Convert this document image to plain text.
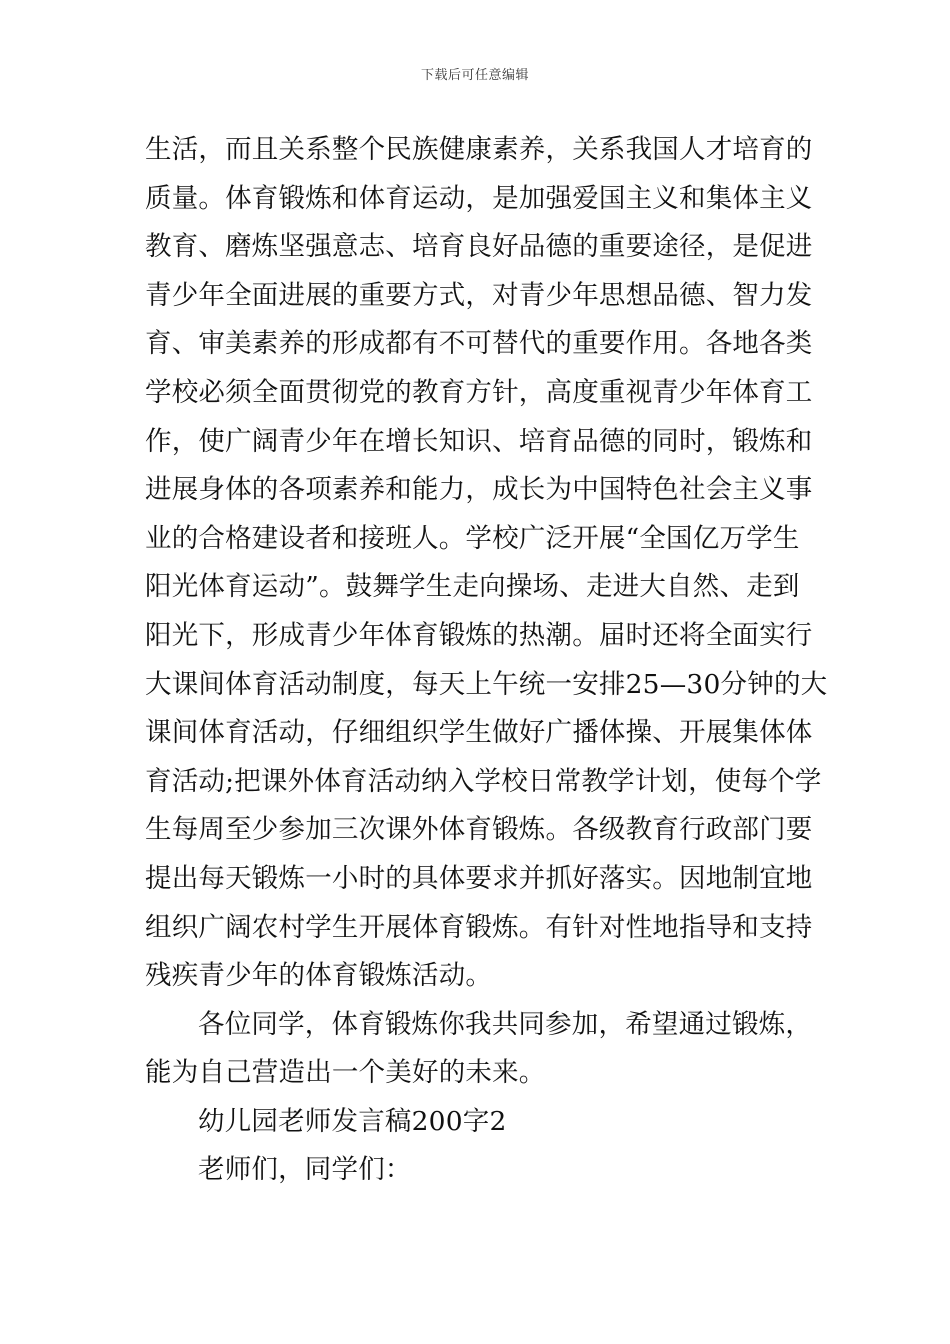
下载后可任意编辑
生活，而且关系整个民族健康素养，关系我国人才培育的
质量。体育锻炼和体育运动，是加强爱国主义和集体主义
教育、磨炼坚强意志、培育良好品德的重要途径，是促进
青少年全面进展的重要方式，对青少年思想品德、智力发
育、审美素养的形成都有不可替代的重要作用。各地各类
学校必须全面贯彻党的教育方针，高度重视青少年体育工
作，使广阔青少年在增长知识、培育品德的同时，锻炼和
进展身体的各项素养和能力，成长为中国特色社会主义事
业的合格建设者和接班人。学校广泛开展“全国亿万学生
阳光体育运动”。鼓舞学生走向操场、走进大自然、走到
阳光下，形成青少年体育锻炼的热潮。届时还将全面实行
大课间体育活动制度，每天上午统一安排25—30分钟的大
课间体育活动，仔细组织学生做好广播体操、开展集体体
育活动;把课外体育活动纳入学校日常教学计划，使每个学
生每周至少参加三次课外体育锻炼。各级教育行政部门要
提出每天锻炼一小时的具体要求并抓好落实。因地制宜地
组织广阔农村学生开展体育锻炼。有针对性地指导和支持
残疾青少年的体育锻炼活动。
各位同学，体育锻炼你我共同参加，希望通过锻炼，
能为自己营造出一个美好的未来。
幼儿园老师发言稿200字2
老师们，同学们：
